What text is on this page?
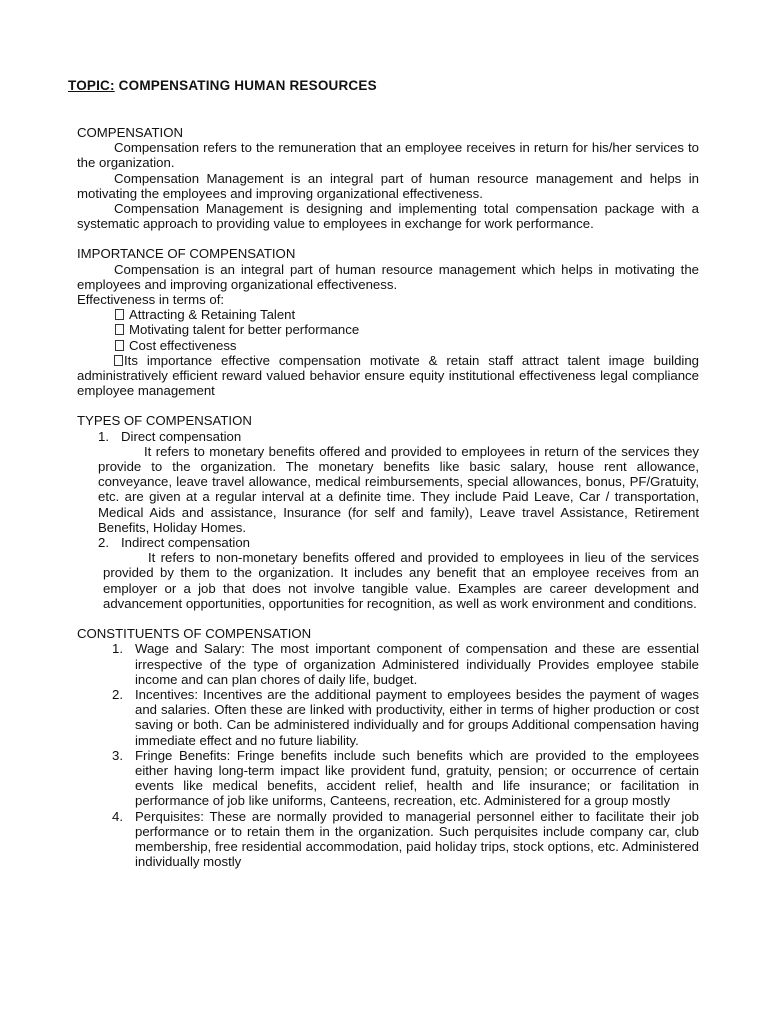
TOPIC: COMPENSATING HUMAN RESOURCES

COMPENSATION

Compensation refers to the remuneration that an employee receives in return for his/her services to the organization.

Compensation Management is an integral part of human resource management and helps in motivating the employees and improving organizational effectiveness.

Compensation Management is designing and implementing total compensation package with a systematic approach to providing value to employees in exchange for work performance.

IMPORTANCE OF COMPENSATION

Compensation is an integral part of human resource management which helps in motivating the employees and improving organizational effectiveness.

Effectiveness in terms of:

Attracting & Retaining Talent
Motivating talent for better performance
Cost effectiveness

Its importance effective compensation motivate & retain staff attract talent image building administratively efficient reward valued behavior ensure equity institutional effectiveness legal compliance employee management

TYPES OF COMPENSATION

1. Direct compensation

It refers to monetary benefits offered and provided to employees in return of the services they provide to the organization. The monetary benefits like basic salary, house rent allowance, conveyance, leave travel allowance, medical reimbursements, special allowances, bonus, PF/Gratuity, etc. are given at a regular interval at a definite time. They include Paid Leave, Car / transportation, Medical Aids and assistance, Insurance (for self and family), Leave travel Assistance, Retirement Benefits, Holiday Homes.

2. Indirect compensation

It refers to non-monetary benefits offered and provided to employees in lieu of the services provided by them to the organization. It includes any benefit that an employee receives from an employer or a job that does not involve tangible value. Examples are career development and advancement opportunities, opportunities for recognition, as well as work environment and conditions.

CONSTITUENTS OF COMPENSATION

1. Wage and Salary: The most important component of compensation and these are essential irrespective of the type of organization Administered individually Provides employee stabile income and can plan chores of daily life, budget.

2. Incentives: Incentives are the additional payment to employees besides the payment of wages and salaries. Often these are linked with productivity, either in terms of higher production or cost saving or both. Can be administered individually and for groups Additional compensation having immediate effect and no future liability.

3. Fringe Benefits: Fringe benefits include such benefits which are provided to the employees either having long-term impact like provident fund, gratuity, pension; or occurrence of certain events like medical benefits, accident relief, health and life insurance; or facilitation in performance of job like uniforms, Canteens, recreation, etc. Administered for a group mostly

4. Perquisites: These are normally provided to managerial personnel either to facilitate their job performance or to retain them in the organization. Such perquisites include company car, club membership, free residential accommodation, paid holiday trips, stock options, etc. Administered individually mostly
